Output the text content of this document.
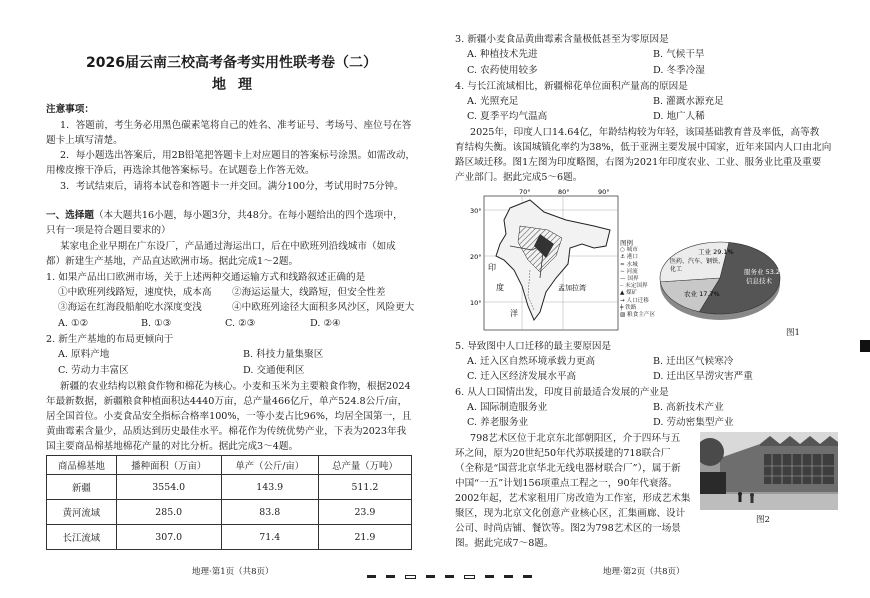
2026届云南三校高考备考实用性联考卷（二）
地理
注意事项：
1．答题前，考生务必用黑色碳素笔将自己的姓名、准考证号、考场号、座位号在答
题卡上填写清楚。
2．每小题选出答案后，用2B铅笔把答题卡上对应题目的答案标号涂黑。如需改动，
用橡皮擦干净后，再选涂其他答案标号。在试题卷上作答无效。
3．考试结束后，请将本试卷和答题卡一并交回。满分100分，考试用时75分钟。
一、选择题（本大题共16小题，每小题3分，共48分。在每小题给出的四个选项中，
只有一项是符合题目要求的）
某家电企业早期在广东设厂，产品通过海运出口，后在中欧班列沿线城市（如成
都）新建生产基地，产品直达欧洲市场。据此完成1～2题。
1. 如果产品出口欧洲市场，关于上述两种交通运输方式和线路叙述正确的是
①中欧班列线路短，速度快，成本高 ②海运运量大，线路短，但安全性差
③海运在红海段船舶吃水深度变浅	④中欧班列途径大面积多风沙区，风险更大
A. ①②	B. ①③	C. ②③	D. ②④
2. 新生产基地的布局更倾向于
A. 原料产地	B. 科技力量集聚区
C. 劳动力丰富区	D. 交通便利区
新疆的农业结构以粮食作物和棉花为核心。小麦和玉米为主要粮食作物，根据2024
年最新数据，新疆粮食种植面积达4440万亩，总产量466亿斤，单产524.8公斤/亩，
居全国首位。小麦食品安全指标合格率100%，一等小麦占比96%，均居全国第一，且
黄曲霉素含量少，品质达到历史最佳水平。棉花作为传统优势产业，下表为2023年我
国主要商品棉基地棉花产量的对比分析。据此完成3～4题。
商品棉基地	播种面积（万亩）	单产（公斤/亩）	总产量（万吨）
新疆	3554.0	143.9	511.2
黄河流域	285.0	83.8	23.9
长江流域	307.0	71.4	21.9
地理·第1页（共8页）
3. 新疆小麦食品黄曲霉素含量极低甚至为零原因是
A. 种植技术先进	B. 气候干旱
C. 农药使用较多	D. 冬季冷湿
4. 与长江流域相比，新疆棉花单位面积产量高的原因是
A. 光照充足	B. 灌溉水源充足
C. 夏季平均气温高	D. 地广人稀
2025年，印度人口14.64亿，年龄结构较为年轻，该国基础教育普及率低，高等教
育结构失衡。该国城镇化率约为38%，低于亚洲主要发展中国家，近年来国内人口由北向
路区域迁移。图1左图为印度略图，右图为2021年印度农业、工业、服务业比重及重要
产业部门。据此完成5～6题。
70°	80°	90°
30°
20°
10°
印
度
洋
孟加拉湾
图例
○ 城市
⚓ 港口
≈ 水城
∼ 河流
— 国界
┄ 未定国界
▲ 煤矿
→ 人口迁移
╪ 铁路
▨ 粮食主产区
工业 29.1%
医药、汽车、钢铁、
化工
农业 17.7%
服务业 53.2%
信息技术
图1
5. 导致图中人口迁移的最主要原因是
A. 迁入区自然环境承载力更高	B. 迁出区气候寒冷
C. 迁入区经济发展水平高	D. 迁出区旱涝灾害严重
6. 从人口国情出发，印度目前最适合发展的产业是
A. 国际制造服务业	B. 高新技术产业
C. 养老服务业	D. 劳动密集型产业
798艺术区位于北京东北部朝阳区，介于四环与五
环之间，原为20世纪50年代苏联援建的718联合厂
（全称是“国营北京华北无线电器材联合厂”），属于新
中国“一五”计划156项重点工程之一，90年代衰落。
2002年起，艺术家租用厂房改造为工作室，形成艺术集
聚区，现为北京文化创意产业核心区，汇集画廊、设计
公司、时尚店铺、餐饮等。图2为798艺术区的一场景
图。据此完成7～8题。
图2
地理·第2页（共8页）
